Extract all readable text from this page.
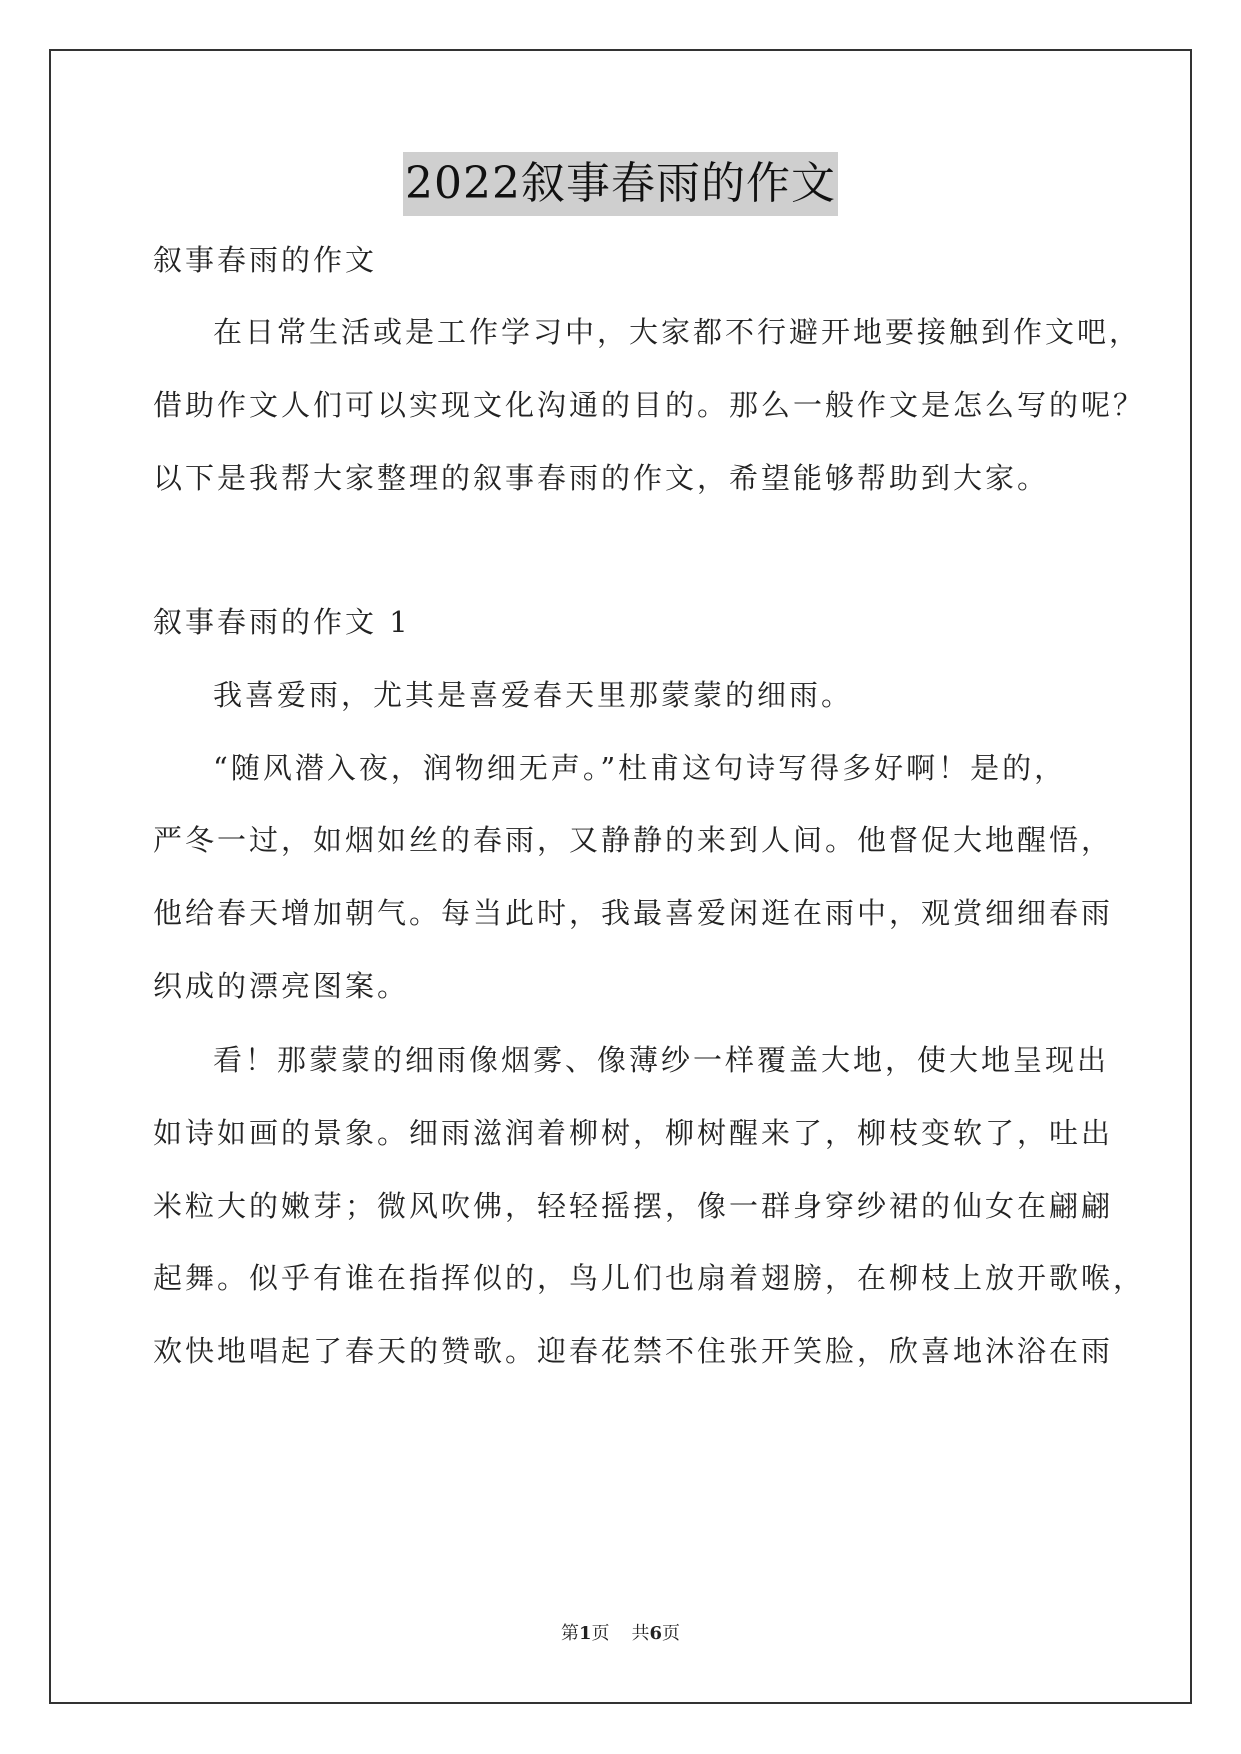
2022叙事春雨的作文
叙事春雨的作文
在日常生活或是工作学习中，大家都不行避开地要接触到作文吧，
借助作文人们可以实现文化沟通的目的。那么一般作文是怎么写的呢？
以下是我帮大家整理的叙事春雨的作文，希望能够帮助到大家。
叙事春雨的作文 1
我喜爱雨，尤其是喜爱春天里那蒙蒙的细雨。
“随风潜入夜，润物细无声。”杜甫这句诗写得多好啊！是的，
严冬一过，如烟如丝的春雨，又静静的来到人间。他督促大地醒悟，
他给春天增加朝气。每当此时，我最喜爱闲逛在雨中，观赏细细春雨
织成的漂亮图案。
看！那蒙蒙的细雨像烟雾、像薄纱一样覆盖大地，使大地呈现出
如诗如画的景象。细雨滋润着柳树，柳树醒来了，柳枝变软了，吐出
米粒大的嫩芽；微风吹佛，轻轻摇摆，像一群身穿纱裙的仙女在翩翩
起舞。似乎有谁在指挥似的，鸟儿们也扇着翅膀，在柳枝上放开歌喉，
欢快地唱起了春天的赞歌。迎春花禁不住张开笑脸，欣喜地沐浴在雨
第1页 共6页
